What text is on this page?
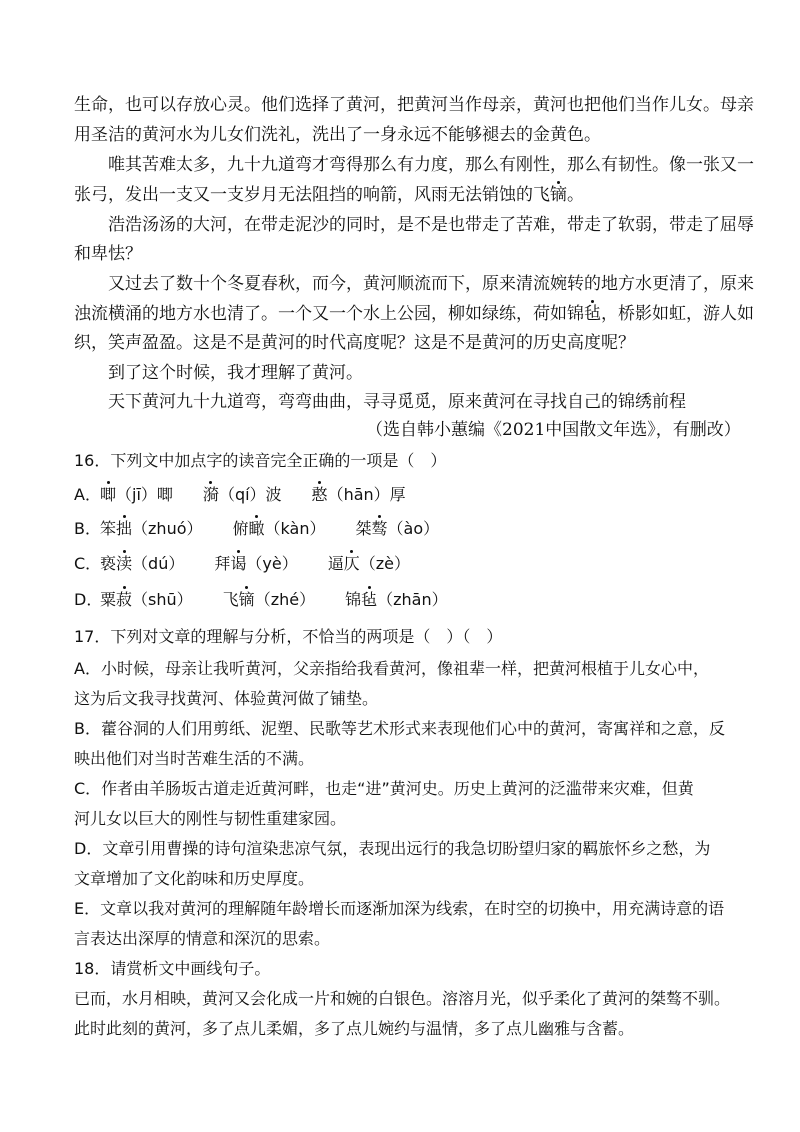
生命，也可以存放心灵。他们选择了黄河，把黄河当作母亲，黄河也把他们当作儿女。母亲
用圣洁的黄河水为儿女们洗礼，洗出了一身永远不能够褪去的金黄色。
唯其苦难太多，九十九道弯才弯得那么有力度，那么有刚性，那么有韧性。像一张又一
张弓，发出一支又一支岁月无法阻挡的响箭，风雨无法销蚀的飞镝。
浩浩汤汤的大河，在带走泥沙的同时，是不是也带走了苦难，带走了软弱，带走了屈辱
和卑怯？
又过去了数十个冬夏春秋，而今，黄河顺流而下，原来清流婉转的地方水更清了，原来
浊流横涌的地方水也清了。一个又一个水上公园，柳如绿练，荷如锦毡，桥影如虹，游人如
织，笑声盈盈。这是不是黄河的时代高度呢？这是不是黄河的历史高度呢？
到了这个时候，我才理解了黄河。
天下黄河九十九道弯，弯弯曲曲，寻寻觅觅，原来黄河在寻找自己的锦绣前程
（选自韩小蕙编《2021中国散文年选》，有删改）
16．下列文中加点字的读音完全正确的一项是（　）
A．唧（jī）唧 漪（qí）波 憨（hān）厚
B．笨拙（zhuó） 俯瞰（kàn） 桀骜（ào）
C．亵渎（dú） 拜谒（yè） 逼仄（zè）
D．粟菽（shū） 飞镝（zhé） 锦毡（zhān）
17．下列对文章的理解与分析，不恰当的两项是（　）（　）
A．小时候，母亲让我听黄河，父亲指给我看黄河，像祖辈一样，把黄河根植于儿女心中，
这为后文我寻找黄河、体验黄河做了铺垫。
B．藿谷洞的人们用剪纸、泥塑、民歌等艺术形式来表现他们心中的黄河，寄寓祥和之意，反
映出他们对当时苦难生活的不满。
C．作者由羊肠坂古道走近黄河畔，也走“进”黄河史。历史上黄河的泛滥带来灾难，但黄
河儿女以巨大的刚性与韧性重建家园。
D．文章引用曹操的诗句渲染悲凉气氛，表现出远行的我急切盼望归家的羁旅怀乡之愁，为
文章增加了文化韵味和历史厚度。
E．文章以我对黄河的理解随年龄增长而逐渐加深为线索，在时空的切换中，用充满诗意的语
言表达出深厚的情意和深沉的思索。
18．请赏析文中画线句子。
已而，水月相映，黄河又会化成一片和婉的白银色。溶溶月光，似乎柔化了黄河的桀骜不驯。
此时此刻的黄河，多了点儿柔媚，多了点儿婉约与温情，多了点儿幽雅与含蓄。
